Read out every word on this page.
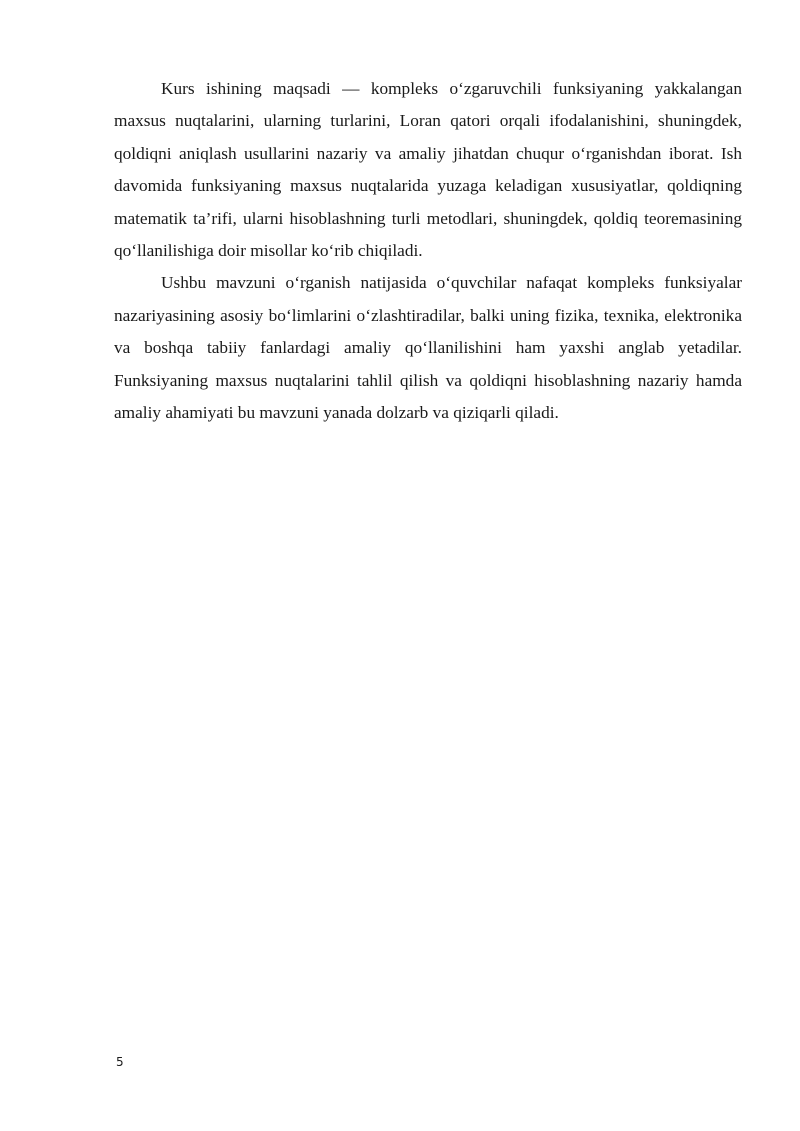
Kurs ishining maqsadi — kompleks o‘zgaruvchili funksiyaning yakkalangan maxsus nuqtalarini, ularning turlarini, Loran qatori orqali ifodalanishini, shuningdek, qoldiqni aniqlash usullarini nazariy va amaliy jihatdan chuqur o‘rganishdan iborat. Ish davomida funksiyaning maxsus nuqtalarida yuzaga keladigan xususiyatlar, qoldiqning matematik ta’rifi, ularni hisoblashning turli metodlari, shuningdek, qoldiq teoremasining qo‘llanilishiga doir misollar ko‘rib chiqiladi.

Ushbu mavzuni o‘rganish natijasida o‘quvchilar nafaqat kompleks funksiyalar nazariyasining asosiy bo‘limlarini o‘zlashtiradilar, balki uning fizika, texnika, elektronika va boshqa tabiiy fanlardagi amaliy qo‘llanilishini ham yaxshi anglab yetadilar. Funksiyaning maxsus nuqtalarini tahlil qilish va qoldiqni hisoblashning nazariy hamda amaliy ahamiyati bu mavzuni yanada dolzarb va qiziqarli qiladi.

5
